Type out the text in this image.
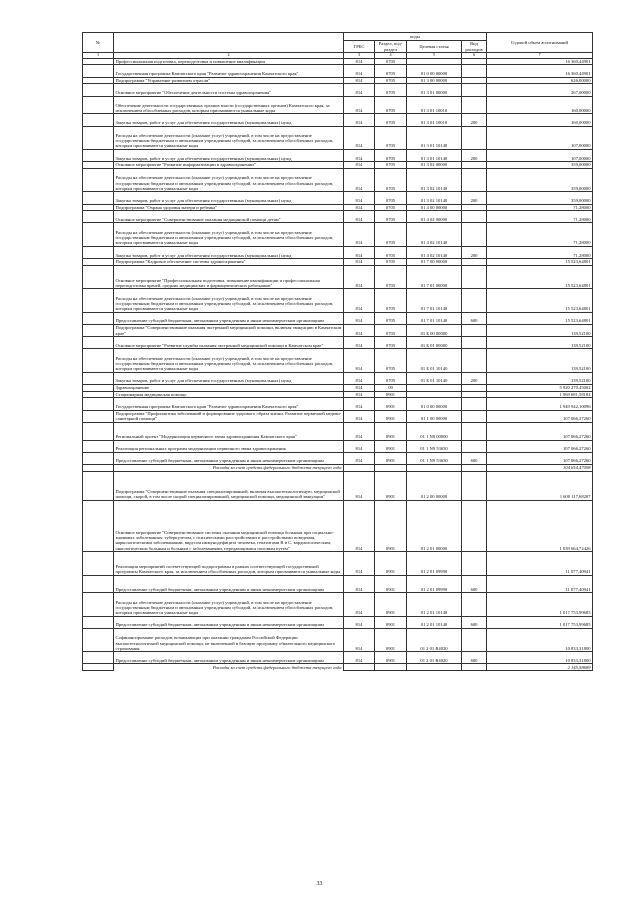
№		коды				Годовой объем ассигнований
		ГРБС	Раздел, под-раздел	Целевая статья	Вид расходов	
1	2	3	4	5	6	7
	Профессиональная подготовка, переподготовка и повышение квалификации	814	0705			16 360,44901
	Государственная программа Камчатского края "Развитие здравоохранения Камчатского края"	814	0705	01 0 00 00000		16 360,44901
	Подпрограмма "Управление развитием отрасли"	814	0705	01 3 00 00000		626,00000
	Основное мероприятие "Обеспечение деятельности системы здравоохранения"	814	0705	01 3 01 00000		267,00000
	Обеспечение деятельности государственных органов власти (государственных органов) Камчатского края, за исключением обособленных расходов, которым присваиваются уникальные коды	814	0705	01 3 01 10010		160,00000
	Закупка товаров, работ и услуг для обеспечения государственных (муниципальных) нужд	814	0705	01 3 01 10010	200	160,00000
	Расходы на обеспечение деятельности (оказание услуг) учреждений, в том числе на предоставление государственным бюджетным и автономным учреждениям субсидий, за исключением обособленных расходов, которым присваиваются уникальные коды	814	0705	01 3 01 10140		107,00000
	Закупка товаров, работ и услуг для обеспечения государственных (муниципальных) нужд	814	0705	01 3 01 10140	200	107,00000
	Основное мероприятие "Развитие информатизации в здравоохранении"	814	0705	01 3 02 00000		359,00000
	Расходы на обеспечение деятельности (оказание услуг) учреждений, в том числе на предоставление государственным бюджетным и автономным учреждениям субсидий, за исключением обособленных расходов, которым присваиваются уникальные коды	814	0705	01 3 02 10140		359,00000
	Закупка товаров, работ и услуг для обеспечения государственных (муниципальных) нужд	814	0705	01 3 02 10140	200	359,00000
	Подпрограмма "Охрана здоровья матери и ребенка"	814	0705	01 4 00 00000		71,28000
	Основное мероприятие "Совершенствование оказания медицинской помощи детям"	814	0705	01 4 02 00000		71,28000
	Расходы на обеспечение деятельности (оказание услуг) учреждений, в том числе на предоставление государственным бюджетным и автономным учреждениям субсидий, за исключением обособленных расходов, которым присваиваются уникальные коды	814	0705	01 4 02 10140		71,28000
	Закупка товаров, работ и услуг для обеспечения государственных (муниципальных) нужд	814	0705	01 4 02 10140	200	71,28000
	Подпрограмма "Кадровое обеспечение системы здравоохранения"	814	0705	01 7 00 00000		15 523,64801
	Основное мероприятие "Профессиональная подготовка, повышение квалификации и профессиональная переподготовка врачей, средних медицинских и фармацевтических работников"	814	0705	01 7 01 00000		15 523,64801
	Расходы на обеспечение деятельности (оказание услуг) учреждений, в том числе на предоставление государственным бюджетным и автономным учреждениям субсидий, за исключением обособленных расходов, которым присваиваются уникальные коды	814	0705	01 7 01 10140		15 523,64801
	Предоставление субсидий бюджетным, автономным учреждениям и иным некоммерческим организациям	814	0705	01 7 01 10140	600	15 523,64801
	Подпрограмма "Совершенствование оказания экстренной медицинской помощи, включая эвакуацию в Камчатском крае"	814	0705	01 Б 00 00000		139,52100
	Основное мероприятие "Развитие службы оказания экстренной медицинской помощи в Камчатском крае"	814	0705	01 Б 01 00000		139,52100
	Расходы на обеспечение деятельности (оказание услуг) учреждений, в том числе на предоставление государственным бюджетным и автономным учреждениям субсидий, за исключением обособленных расходов, которым присваиваются уникальные коды	814	0705	01 Б 01 10140		139,52100
	Закупка товаров, работ и услуг для обеспечения государственных (муниципальных) нужд	814	0705	01 Б 01 10140	200	139,52100
	Здравоохранение	814	09			5 920 270,45002
	Стационарная медицинская помощь	814	0901			1 969 681,58184
	Государственная программа Камчатского края "Развитие здравоохранения Камчатского края"	814	0901	01 0 00 00000		1 949 942,10096
	Подпрограмма "Профилактика заболеваний и формирование здорового образа жизни. Развитие первичной медико-санитарной помощи"	814	0901	01 1 00 00000		107 066,27260
	Региональный проект "Модернизация первичного звена здравоохранения Камчатского края"	814	0901	01 1 N9 00000		107 066,27260
	Реализация региональных программ модернизации первичного звена здравоохранения	814	0901	01 1 N9 53650		107 066,27260
	Предоставление субсидий бюджетным, автономным учреждениям и иным некоммерческим организациям	814	0901	01 1 N9 53650	600	107 066,27260
	Расходы за счет средств федерального бюджета текущего года					104 654,47098
	Подпрограмма "Совершенствование оказания специализированной, включая высокотехнологичную, медицинской помощи, скорой, в том числе скорой специализированной, медицинской помощи, медицинской эвакуации"	814	0901	01 2 00 00000		1 600 117,68207
	Основное мероприятие "Совершенствование системы оказания медицинской помощи больным при социально-значимых заболеваниях: туберкулезом, с психическими расстройствами и расстройствами поведения, наркологическими заболеваниями, вирусом иммунодефицита человека, гепатитами В и С, кардиологическим, онкологическим больным и больным с заболеваниями, передающимися половым путем"	814	0901	01 2 01 00000		1 039 664,72426
	Реализация мероприятий соответствующей подпрограммы в рамках соответствующей государственной программы Камчатского края, за исключением обособленных расходов, которым присваиваются уникальные коды	814	0901	01 2 01 09990		11 077,40941
	Предоставление субсидий бюджетным, автономным учреждениям и иным некоммерческим организациям	814	0901	01 2 01 09990	600	11 077,40941
	Расходы на обеспечение деятельности (оказание услуг) учреждений, в том числе на предоставление государственным бюджетным и автономным учреждениям субсидий, за исключением обособленных расходов, которым присваиваются уникальные коды	814	0901	01 2 01 10140		1 017 753,99685
	Предоставление субсидий бюджетным, автономным учреждениям и иным некоммерческим организациям	814	0901	01 2 01 10140	600	1 017 753,99685
	Софинансирование расходов, возникающих при оказании гражданам Российской Федерации высокотехнологичной медицинской помощи, не включенной в базовую программу обязательного медицинского страхования	814	0901	01 2 01 R4020		10 833,31800
	Предоставление субсидий бюджетным, автономным учреждениям и иным некоммерческим организациям	814	0901	01 2 01 R4020	600	10 833,31800
	Расходы за счет средств федерального бюджета текущего года					2 145,58689
33
